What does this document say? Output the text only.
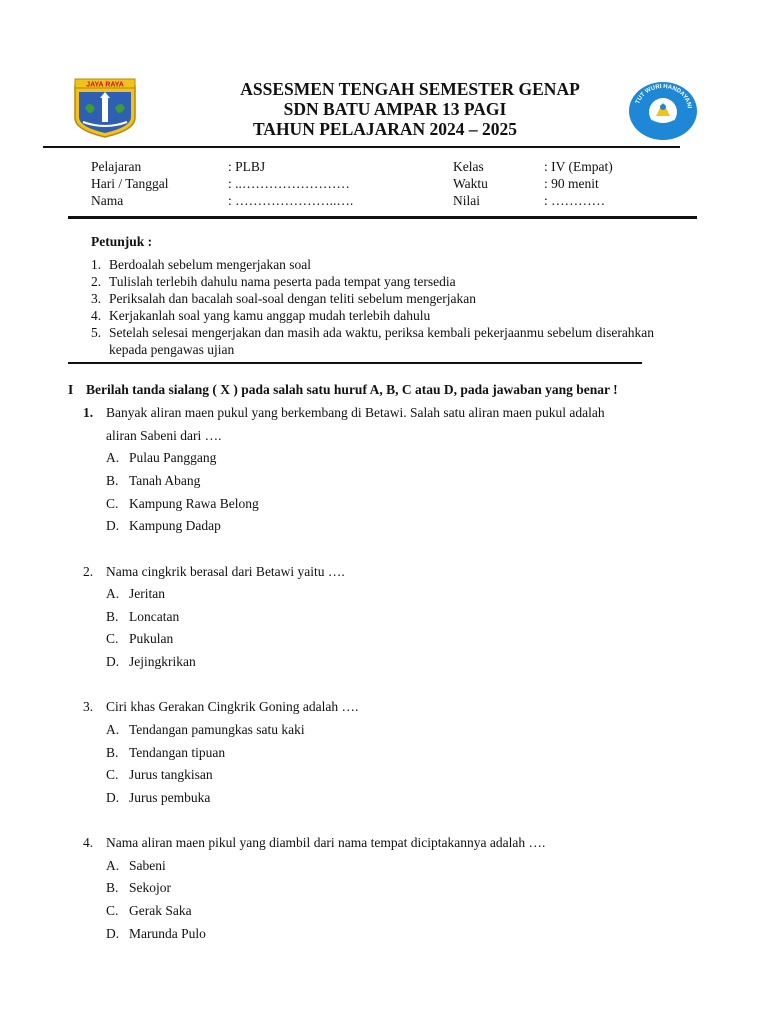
JAYA RAYA
TUT WURI HANDAYANI
ASSESMEN TENGAH SEMESTER GENAP
SDN BATU AMPAR 13 PAGI
TAHUN PELAJARAN 2024 – 2025
Pelajaran	: PLBJ	Kelas	: IV (Empat)
Hari / Tanggal	: ..……………………	Waktu	: 90 menit
Nama	: …………………..….	Nilai	: …………
Petunjuk :
1. Berdoalah sebelum mengerjakan soal
2. Tulislah terlebih dahulu nama peserta pada tempat yang tersedia
3. Periksalah dan bacalah soal-soal dengan teliti sebelum mengerjakan
4. Kerjakanlah soal yang kamu anggap mudah terlebih dahulu
5. Setelah selesai mengerjakan dan masih ada waktu, periksa kembali pekerjaanmu sebelum diserahkan kepada pengawas ujian
I Berilah tanda sialang ( X ) pada salah satu huruf A, B, C atau D, pada jawaban yang benar !
1. Banyak aliran maen pukul yang berkembang di Betawi. Salah satu aliran maen pukul adalah
aliran Sabeni dari ….
A. Pulau Panggang
B. Tanah Abang
C. Kampung Rawa Belong
D. Kampung Dadap
2. Nama cingkrik berasal dari Betawi yaitu ….
A. Jeritan
B. Loncatan
C. Pukulan
D. Jejingkrikan
3. Ciri khas Gerakan Cingkrik Goning adalah ….
A. Tendangan pamungkas satu kaki
B. Tendangan tipuan
C. Jurus tangkisan
D. Jurus pembuka
4. Nama aliran maen pikul yang diambil dari nama tempat diciptakannya adalah ….
A. Sabeni
B. Sekojor
C. Gerak Saka
D. Marunda Pulo
